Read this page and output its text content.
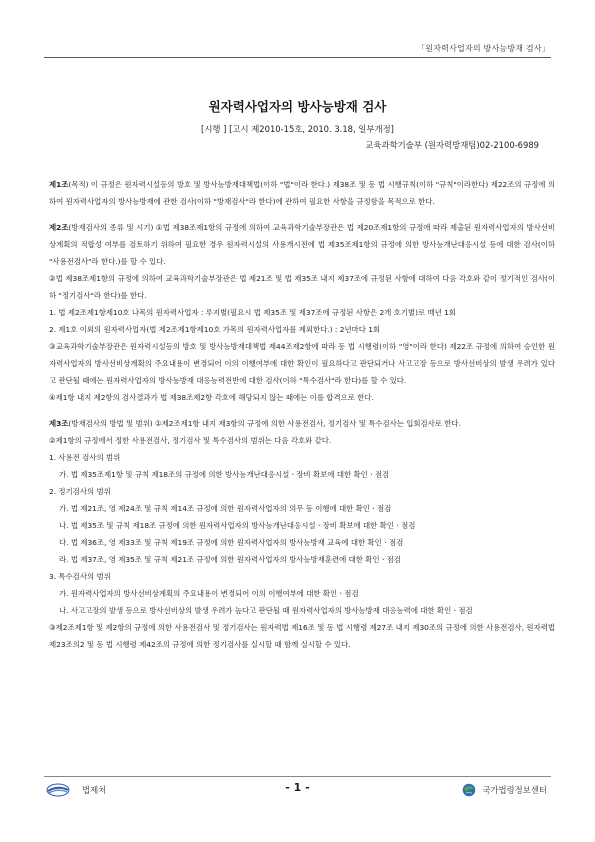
「원자력사업자의 방사능방재 검사」
원자력사업자의 방사능방재 검사
[시행 ] [고시 제2010-15호, 2010. 3.18, 일부개정]
교육과학기술부 (원자력방재팀)02-2100-6989

제1조(목적) 이 규정은 원자력시설등의 방호 및 방사능방재대책법(이하 "법"이라 한다.) 제38조 및 동 법 시행규칙(이하 "규칙"이라한다) 제22조의 규정에 의하여 원자력사업자의 방사능방재에 관한 검사(이하 "방재검사"라 한다)에 관하여 필요한 사항을 규정함을 목적으로 한다.

제2조(방재검사의 종류 및 시기) ①법 제38조제1항의 규정에 의하여 교육과학기술부장관은 법 제20조제1항의 규정에 따라 제출된 원자력사업자의 방사선비상계획의 적합성 여부를 검토하기 위하여 필요한 경우 원자력시설의 사용개시전에 법 제35조제1항의 규정에 의한 방사능개난대응시설 등에 대한 검사(이하 "사용전검사"라 한다.)를 할 수 있다.

②법 제38조제1항의 규정에 의하여 교육과학기술부장관은 법 제21조 및 법 제35조 내지 제37조에 규정된 사항에 대하여 다음 각호와 같이 정기적인 검사(이하 "정기검사"라 한다)를 한다.

1. 법 제2조제1항제10호 나목의 원자력사업자 : 루지별(필요시 법 제35조 및 제37조에 규정된 사항은 2개 호기별)로 매년 1회

2. 제1호 이외의 원자력사업자(법 제2조제1항제10호 가목의 원자력사업자를 제외한다.) : 2년마다 1회

③교육과학기술부장관은 원자력시설등의 방호 및 방사능방재대책법 제44조제2항에 따라 동 법 시행령(이하 "영"이라 한다) 제22조 규정에 의하여 승인한 원자력사업자의 방사선비상계획의 주요내용이 변경되어 이의 이행여부에 대한 확인이 필요하다고 판단되거나 사고고장 등으로 방사선비상의 발생 우려가 있다고 판단될 때에는 원자력사업자의 방사능방재 대응능력전반에 대한 검사(이하 "특수검사"라 한다)를 할 수 있다.

④제1항 내지 제2항의 검사결과가 법 제38조제2항 각호에 해당되지 않는 때에는 이를 합격으로 한다.

제3조(방재검사의 방법 및 범위) ①제2조제1항 내지 제3항의 규정에 의한 사용전검사, 정기검사 및 특수검사는 입회검사로 한다.

②제1항의 규정에서 정한 사용전검사, 정기검사 및 특수검사의 범위는 다음 각호와 같다.

1. 사용전 검사의 범위

가. 법 제35조제1항 및 규칙 제18조의 규정에 의한 방사능개난대응시설ㆍ장비 확보에 대한 확인ㆍ점검

2. 정기검사의 범위

가. 법 제21조, 영 제24조 및 규칙 제14조 규정에 의한 원자력사업자의 의무 등 이행에 대한 확인ㆍ점검

나. 법 제35조 및 규칙 제18조 규정에 의한 원자력사업자의 방사능개난대응시설ㆍ장비 확보에 대한 확인ㆍ점검

다. 법 제36조, 영 제33조 및 규칙 제19조 규정에 의한 원자력사업자의 방사능방재 교육에 대한 확인ㆍ점검

라. 법 제37조, 영 제35조 및 규칙 제21조 규정에 의한 원자력사업자의 방사능방재훈련에 대한 확인ㆍ점검

3. 특수검사의 범위

가. 원자력사업자의 방사선비상계획의 주요내용이 변경되어 이의 이행여부에 대한 확인ㆍ점검

나. 사고고장의 발생 등으로 방사선비상의 발생 우려가 높다고 판단될 때 원자력사업자의 방사능방재 대응능력에 대한 확인ㆍ점검

③제2조제1항 및 제2항의 규정에 의한 사용전검사 및 정기검사는 원자력법 제16조 및 동 법 시행령 제27조 내지 제30조의 규정에 의한 사용전검사, 원자력법 제23조의2 및 동 법 시행령 제42조의 규정에 의한 정기검사를 실시할 때 함께 실시할 수 있다.

법제처	- 1 -	국가법령정보센터
